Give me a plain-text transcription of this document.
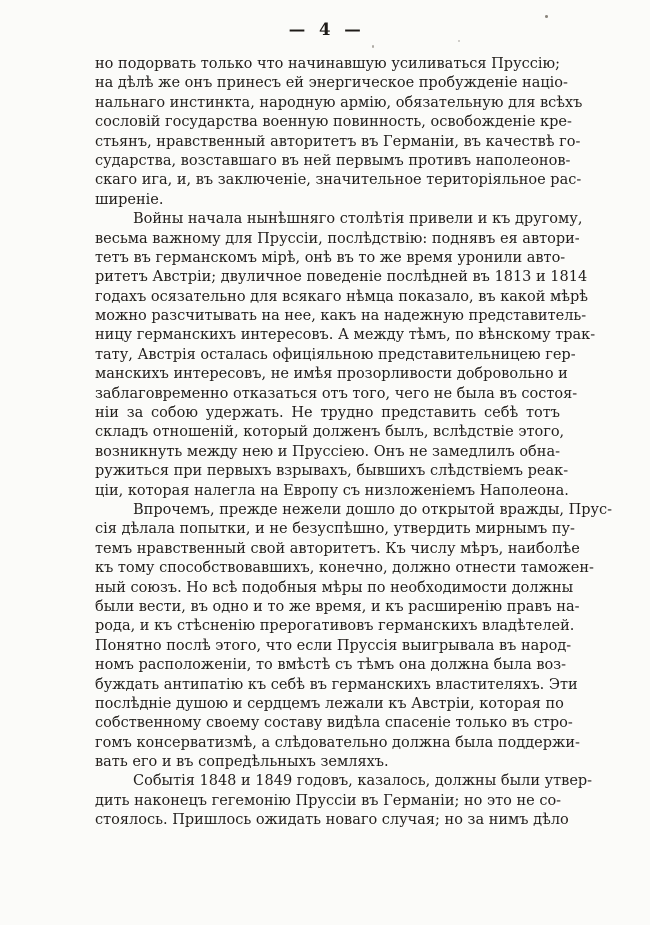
— 4 —
но подорвать только что начинавшую усиливаться Пруссію;
на дѣлѣ же онъ принесъ ей энергическое пробужденіе націо-
нальнаго инстинкта, народную армію, обязательную для всѣхъ
сословій государства военную повинность, освобожденіе кре-
стьянъ, нравственный авторитетъ въ Германіи, въ качествѣ го-
сударства, возставшаго въ ней первымъ противъ наполеонов-
скаго ига, и, въ заключеніе, значительное територіяльное рас-
ширеніе.
Войны начала нынѣшняго столѣтія привели и къ другому,
весьма важному для Пруссіи, послѣдствію: поднявъ ея автори-
тетъ въ германскомъ мірѣ, онѣ въ то же время уронили авто-
ритетъ Австріи; двуличное поведеніе послѣдней въ 1813 и 1814
годахъ осязательно для всякаго нѣмца показало, въ какой мѣрѣ
можно разсчитывать на нее, какъ на надежную представитель-
ницу германскихъ интересовъ. А между тѣмъ, по вѣнскому трак-
тату, Австрія осталась офиціяльною представительницею гер-
манскихъ интересовъ, не имѣя прозорливости добровольно и
заблаговременно отказаться отъ того, чего не была въ состоя-
ніи за собою удержать. Не трудно представить себѣ тотъ
складъ отношеній, который долженъ былъ, вслѣдствіе этого,
возникнуть между нею и Пруссіею. Онъ не замедлилъ обна-
ружиться при первыхъ взрывахъ, бывшихъ слѣдствіемъ реак-
ціи, которая налегла на Европу съ низложеніемъ Наполеона.
Впрочемъ, прежде нежели дошло до открытой вражды, Прус-
сія дѣлала попытки, и не безуспѣшно, утвердить мирнымъ пу-
темъ нравственный свой авторитетъ. Къ числу мѣръ, наиболѣе
къ тому способствовавшихъ, конечно, должно отнести таможен-
ный союзъ. Но всѣ подобныя мѣры по необходимости должны
были вести, въ одно и то же время, и къ расширенію правъ на-
рода, и къ стѣсненію прерогативовъ германскихъ владѣтелей.
Понятно послѣ этого, что если Пруссія выигрывала въ народ-
номъ расположеніи, то вмѣстѣ съ тѣмъ она должна была воз-
буждать антипатію къ себѣ въ германскихъ властителяхъ. Эти
послѣдніе душою и сердцемъ лежали къ Австріи, которая по
собственному своему составу видѣла спасеніе только въ стро-
гомъ консерватизмѣ, а слѣдовательно должна была поддержи-
вать его и въ сопредѣльныхъ земляхъ.
Событія 1848 и 1849 годовъ, казалось, должны были утвер-
дить наконецъ гегемонію Пруссіи въ Германіи; но это не со-
стоялось. Пришлось ожидать новаго случая; но за нимъ дѣло
